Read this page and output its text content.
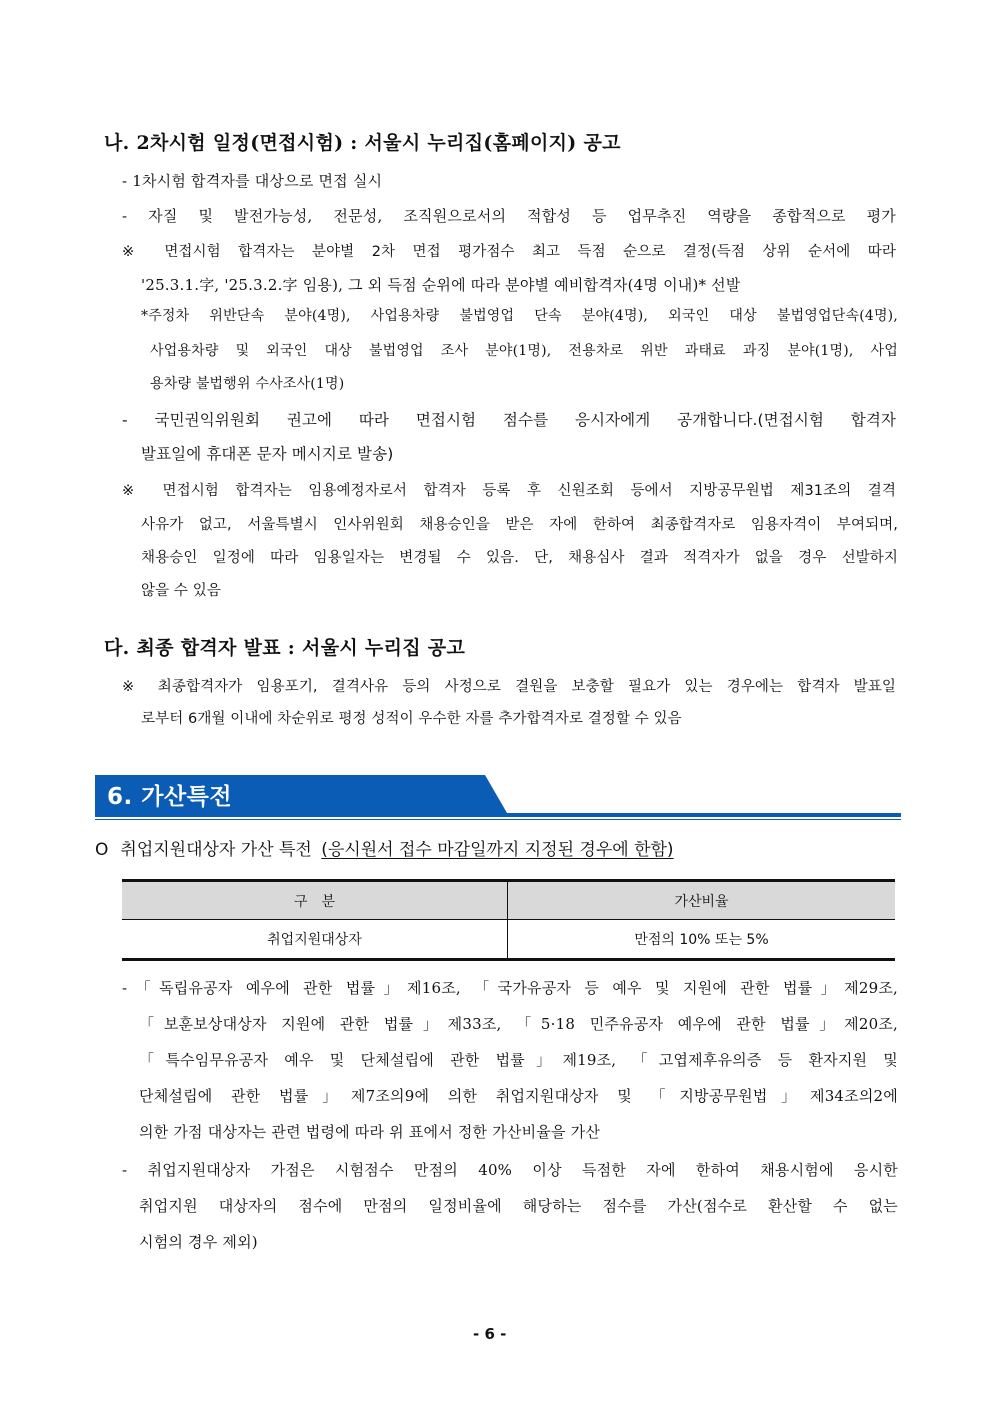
나. 2차시험 일정(면접시험) : 서울시 누리집(홈페이지) 공고
- 1차시험 합격자를 대상으로 면접 실시
- 자질 및 발전가능성, 전문성, 조직원으로서의 적합성 등 업무추진 역량을 종합적으로 평가
※ 면접시험 합격자는 분야별 2차 면접 평가점수 최고 득점 순으로 결정(득점 상위 순서에 따라
'25.3.1.字, '25.3.2.字 임용), 그 외 득점 순위에 따라 분야별 예비합격자(4명 이내)* 선발
*주정차 위반단속 분야(4명), 사업용차량 불법영업 단속 분야(4명), 외국인 대상 불법영업단속(4명),
사업용차량 및 외국인 대상 불법영업 조사 분야(1명), 전용차로 위반 과태료 과징 분야(1명), 사업
용차량 불법행위 수사조사(1명)
- 국민권익위원회 권고에 따라 면접시험 점수를 응시자에게 공개합니다.(면접시험 합격자
발표일에 휴대폰 문자 메시지로 발송)
※ 면접시험 합격자는 임용예정자로서 합격자 등록 후 신원조회 등에서 지방공무원법 제31조의 결격
사유가 없고, 서울특별시 인사위원회 채용승인을 받은 자에 한하여 최종합격자로 임용자격이 부여되며,
채용승인 일정에 따라 임용일자는 변경될 수 있음. 단, 채용심사 결과 적격자가 없을 경우 선발하지
않을 수 있음
다. 최종 합격자 발표 : 서울시 누리집 공고
※ 최종합격자가 임용포기, 결격사유 등의 사정으로 결원을 보충할 필요가 있는 경우에는 합격자 발표일
로부터 6개월 이내에 차순위로 평정 성적이 우수한 자를 추가합격자로 결정할 수 있음
6. 가산특전
O 취업지원대상자 가산 특전 (응시원서 접수 마감일까지 지정된 경우에 한함)
구　분	가산비율
취업지원대상자	만점의 10% 또는 5%
-「독립유공자 예우에 관한 법률」제16조, 「국가유공자 등 예우 및 지원에 관한 법률」제29조,
「보훈보상대상자 지원에 관한 법률」제33조, 「5·18 민주유공자 예우에 관한 법률」제20조,
「특수임무유공자 예우 및 단체설립에 관한 법률」제19조, 「고엽제후유의증 등 환자지원 및
단체설립에 관한 법률」제7조의9에 의한 취업지원대상자 및 「지방공무원법」제34조의2에
의한 가점 대상자는 관련 법령에 따라 위 표에서 정한 가산비율을 가산
- 취업지원대상자 가점은 시험점수 만점의 40% 이상 득점한 자에 한하여 채용시험에 응시한
취업지원 대상자의 점수에 만점의 일정비율에 해당하는 점수를 가산(점수로 환산할 수 없는
시험의 경우 제외)
- 6 -
